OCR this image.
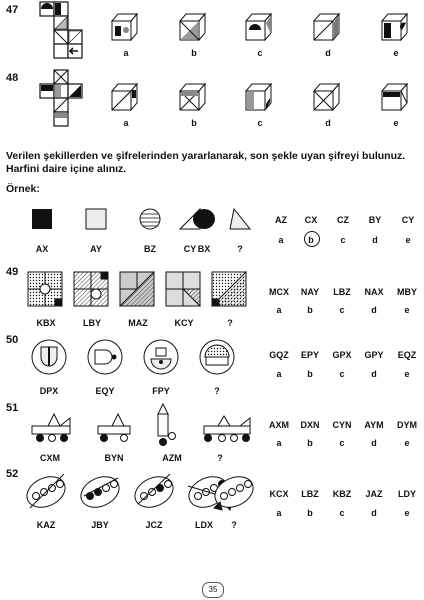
47
a	b	c	d	e
48
a	b	c	d	e
Verilen şekillerden ve şifrelerinden yararlanarak, son şekle uyan şifreyi bulunuz.
Harfini daire içine alınız.
Örnek:
AX	AY	BZ	CY BX	?
AZ	CX	CZ	BY	CY
a	b	c	d	e
49
KBX	LBY	MAZ	KCY	?
MCX	NAY	LBZ	NAX	MBY
a	b	c	d	e
50
DPX	EQY	FPY	?
GQZ	EPY	GPX	GPY	EQZ
a	b	c	d	e
51
CXM	BYN	AZM	?
AXM	DXN	CYN	AYM	DYM
a	b	c	d	e
52
KAZ	JBY	JCZ	LDX	?
KCX	LBZ	KBZ	JAZ	LDY
a	b	c	d	e
35
